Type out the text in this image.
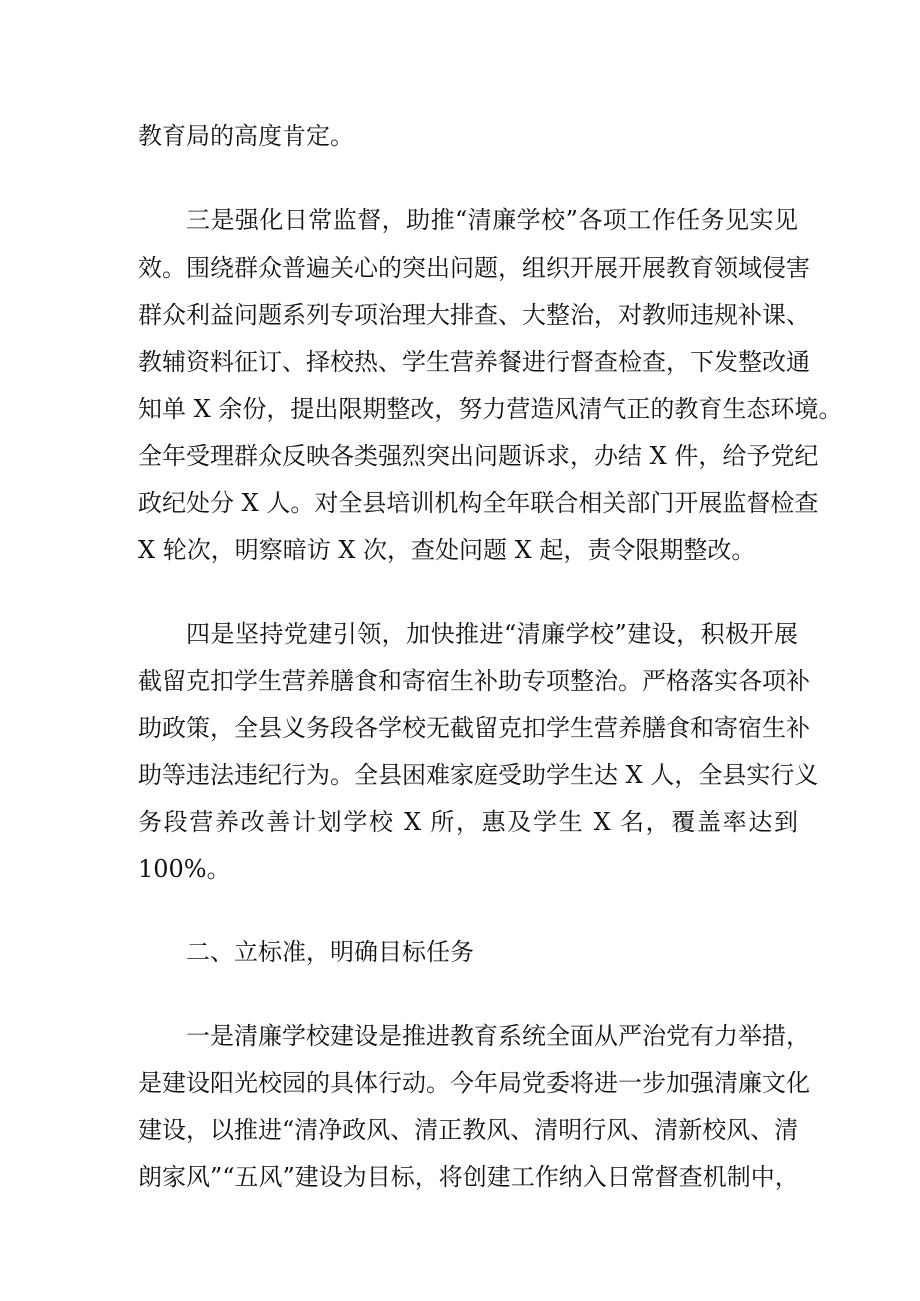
教育局的高度肯定。
三是强化日常监督，助推“清廉学校”各项工作任务见实见
效。围绕群众普遍关心的突出问题，组织开展开展教育领域侵害
群众利益问题系列专项治理大排查、大整治，对教师违规补课、
教辅资料征订、择校热、学生营养餐进行督查检查，下发整改通
知单 X 余份，提出限期整改，努力营造风清气正的教育生态环境。
全年受理群众反映各类强烈突出问题诉求，办结 X 件，给予党纪
政纪处分 X 人。对全县培训机构全年联合相关部门开展监督检查
X 轮次，明察暗访 X 次，查处问题 X 起，责令限期整改。
四是坚持党建引领，加快推进“清廉学校”建设，积极开展
截留克扣学生营养膳食和寄宿生补助专项整治。严格落实各项补
助政策，全县义务段各学校无截留克扣学生营养膳食和寄宿生补
助等违法违纪行为。全县困难家庭受助学生达 X 人，全县实行义
务段营养改善计划学校 X 所，惠及学生 X 名，覆盖率达到
100%。
二、立标准，明确目标任务
一是清廉学校建设是推进教育系统全面从严治党有力举措，
是建设阳光校园的具体行动。今年局党委将进一步加强清廉文化
建设，以推进“清净政风、清正教风、清明行风、清新校风、清
朗家风”“五风”建设为目标，将创建工作纳入日常督查机制中，
